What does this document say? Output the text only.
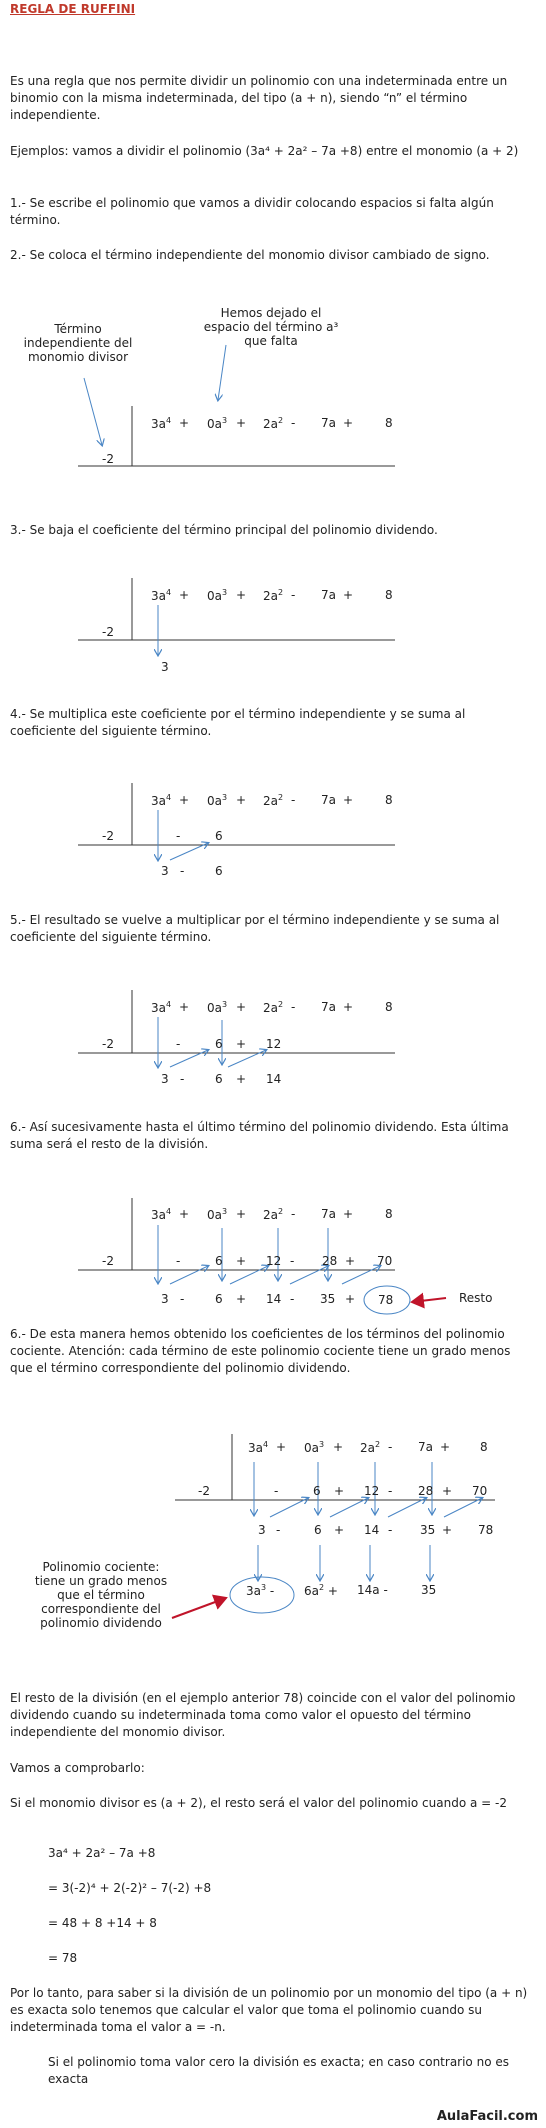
REGLA DE RUFFINI
Es una regla que nos permite dividir un polinomio con una indeterminada entre un binomio con la misma indeterminada, del tipo (a + n), siendo “n” el término independiente.
Ejemplos: vamos a dividir el polinomio (3a⁴ + 2a² – 7a +8) entre el monomio (a + 2)
1.- Se escribe el polinomio que vamos a dividir colocando espacios si falta algún término.
2.- Se coloca el término independiente del monomio divisor cambiado de signo.
Término independiente del monomio divisor
Hemos dejado el espacio del término a³ que falta
$3a^4 + 0a^3 + 2a^2 - 7a$ +	8
-2
3.- Se baja el coeficiente del término principal del polinomio dividendo.
$3a^4 + 0a^3 + 2a^2 - 7a$ +	8
-2
3
4.- Se multiplica este coeficiente por el término independiente y se suma al coeficiente del siguiente término.
$3a^4 + 0a^3 + 2a^2 - 7a$ +	8
-2	-	6
3 -	6
5.- El resultado se vuelve a multiplicar por el término independiente y se suma al coeficiente del siguiente término.
$3a^4 + 0a^3 + 2a^2 - 7a$ +	8
-2	-	6 + 12
3 -	6 + 14
6.- Así sucesivamente hasta el último término del polinomio dividendo. Esta última suma será el resto de la división.
$3a^4 + 0a^3 + 2a^2 - 7a$ +	8
-2	-	6 + 12 - 28 + 70
3 -	6 + 14 - 35 + 78	Resto
6.- De esta manera hemos obtenido los coeficientes de los términos del polinomio cociente. Atención: cada término de este polinomio cociente tiene un grado menos que el término correspondiente del polinomio dividendo.
$3a^4 + 0a^3 + 2a^2 - 7a + 8$
-2	-	6 + 12 - 28 + 70
3 -	6 + 14 - 35 + 78
$3a^3 - 6a^2 + 14a$ -	35
Polinomio cociente: tiene un grado menos que el término correspondiente del polinomio dividendo
El resto de la división (en el ejemplo anterior 78) coincide con el valor del polinomio dividendo cuando su indeterminada toma como valor el opuesto del término independiente del monomio divisor.
Vamos a comprobarlo:
Si el monomio divisor es (a + 2), el resto será el valor del polinomio cuando a = -2
3a⁴ + 2a² – 7a +8
= 3(-2)⁴ + 2(-2)² – 7(-2) +8
= 48 + 8 +14 + 8
= 78
Por lo tanto, para saber si la división de un polinomio por un monomio del tipo (a + n) es exacta solo tenemos que calcular el valor que toma el polinomio cuando su indeterminada toma el valor a = -n.
Si el polinomio toma valor cero la división es exacta; en caso contrario no es exacta
AulaFacil.com
